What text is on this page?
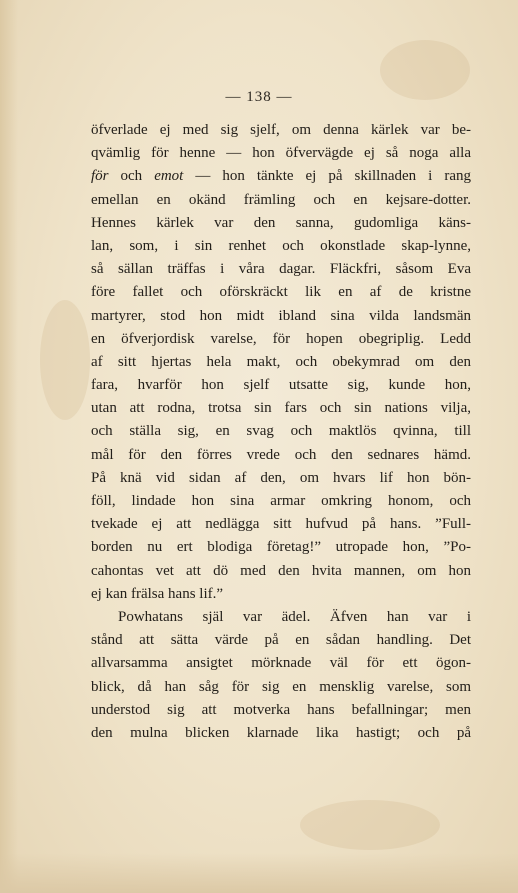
— 138 —
öfverlade ej med sig sjelf, om denna kärlek var be-
qvämlig för henne — hon öfvervägde ej så noga alla
för och emot — hon tänkte ej på skillnaden i rang
emellan en okänd främling och en kejsare-dotter.
Hennes kärlek var den sanna, gudomliga käns-
lan, som, i sin renhet och okonstlade skap-lynne,
så sällan träffas i våra dagar. Fläckfri, såsom Eva
före fallet och oförskräckt lik en af de kristne
martyrer, stod hon midt ibland sina vilda landsmän
en öfverjordisk varelse, för hopen obegriplig. Ledd
af sitt hjertas hela makt, och obekymrad om den
fara, hvarför hon sjelf utsatte sig, kunde hon,
utan att rodna, trotsa sin fars och sin nations vilja,
och ställa sig, en svag och maktlös qvinna, till
mål för den förres vrede och den sednares hämd.
På knä vid sidan af den, om hvars lif hon bön-
föll, lindade hon sina armar omkring honom, och
tvekade ej att nedlägga sitt hufvud på hans. ”Full-
borden nu ert blodiga företag!” utropade hon, ”Po-
cahontas vet att dö med den hvita mannen, om hon
ej kan frälsa hans lif.”
Powhatans själ var ädel. Äfven han var i
stånd att sätta värde på en sådan handling. Det
allvarsamma ansigtet mörknade väl för ett ögon-
blick, då han såg för sig en mensklig varelse, som
understod sig att motverka hans befallningar; men
den mulna blicken klarnade lika hastigt; och på
